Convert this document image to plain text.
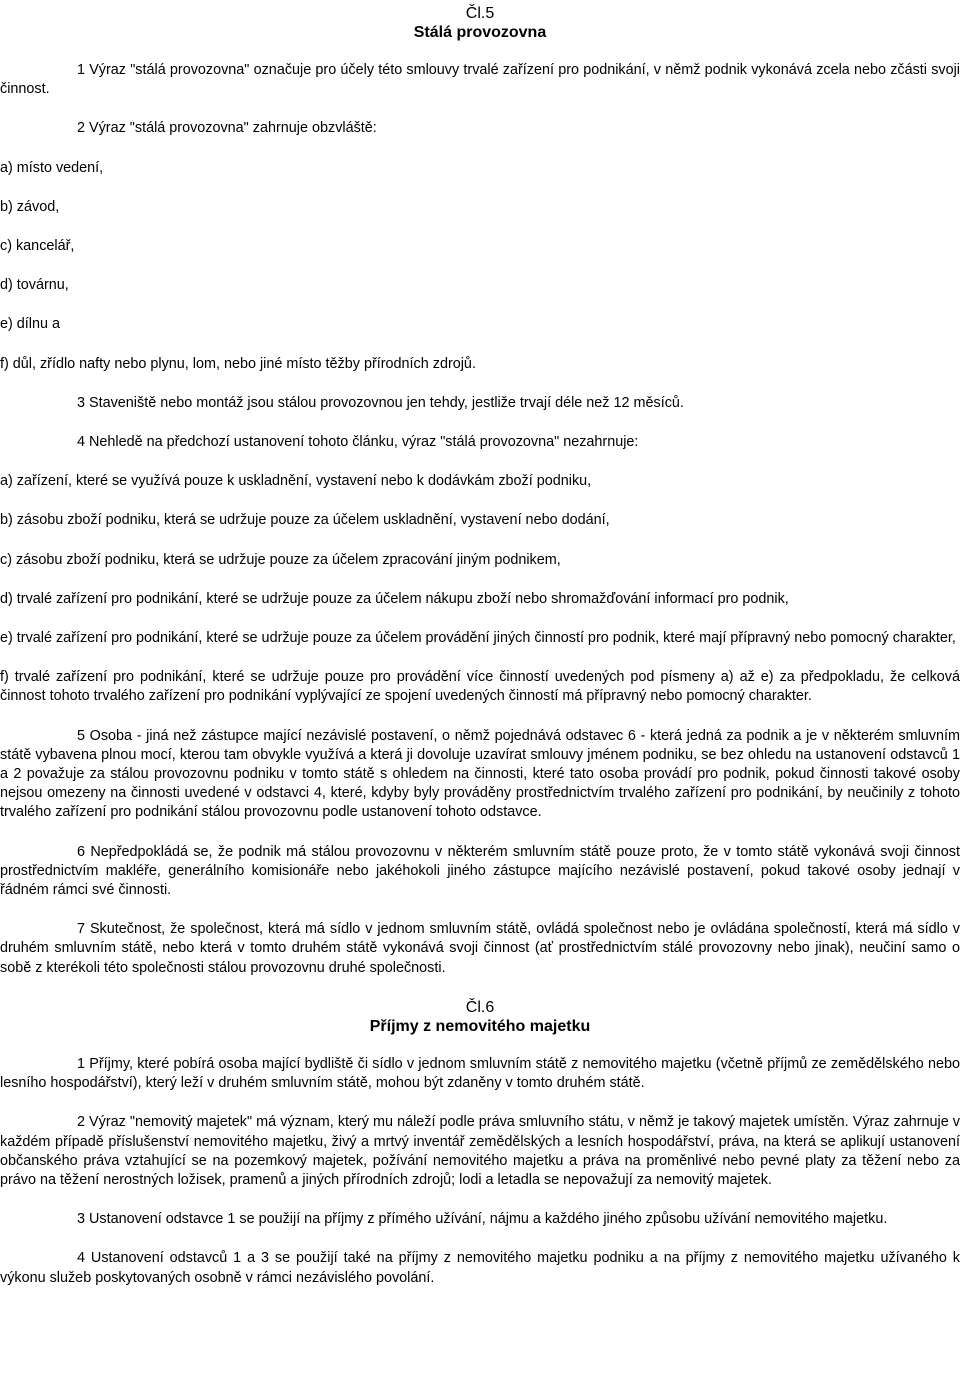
Čl.5
Stálá provozovna

1 Výraz "stálá provozovna" označuje pro účely této smlouvy trvalé zařízení pro podnikání, v němž podnik vykonává zcela nebo zčásti svoji činnost.

2 Výraz "stálá provozovna" zahrnuje obzvláště:

a) místo vedení,

b) závod,

c) kancelář,

d) továrnu,

e) dílnu a

f) důl, zřídlo nafty nebo plynu, lom, nebo jiné místo těžby přírodních zdrojů.

3 Staveniště nebo montáž jsou stálou provozovnou jen tehdy, jestliže trvají déle než 12 měsíců.

4 Nehledě na předchozí ustanovení tohoto článku, výraz "stálá provozovna" nezahrnuje:

a) zařízení, které se využívá pouze k uskladnění, vystavení nebo k dodávkám zboží podniku,

b) zásobu zboží podniku, která se udržuje pouze za účelem uskladnění, vystavení nebo dodání,

c) zásobu zboží podniku, která se udržuje pouze za účelem zpracování jiným podnikem,

d) trvalé zařízení pro podnikání, které se udržuje pouze za účelem nákupu zboží nebo shromažďování informací pro podnik,

e) trvalé zařízení pro podnikání, které se udržuje pouze za účelem provádění jiných činností pro podnik, které mají přípravný nebo pomocný charakter,

f) trvalé zařízení pro podnikání, které se udržuje pouze pro provádění více činností uvedených pod písmeny a) až e) za předpokladu, že celková činnost tohoto trvalého zařízení pro podnikání vyplývající ze spojení uvedených činností má přípravný nebo pomocný charakter.

5 Osoba - jiná než zástupce mající nezávislé postavení, o němž pojednává odstavec 6 - která jedná za podnik a je v některém smluvním státě vybavena plnou mocí, kterou tam obvykle využívá a která ji dovoluje uzavírat smlouvy jménem podniku, se bez ohledu na ustanovení odstavců 1 a 2 považuje za stálou provozovnu podniku v tomto státě s ohledem na činnosti, které tato osoba provádí pro podnik, pokud činnosti takové osoby nejsou omezeny na činnosti uvedené v odstavci 4, které, kdyby byly prováděny prostřednictvím trvalého zařízení pro podnikání, by neučinily z tohoto trvalého zařízení pro podnikání stálou provozovnu podle ustanovení tohoto odstavce.

6 Nepředpokládá se, že podnik má stálou provozovnu v některém smluvním státě pouze proto, že v tomto státě vykonává svoji činnost prostřednictvím makléře, generálního komisionáře nebo jakéhokoli jiného zástupce majícího nezávislé postavení, pokud takové osoby jednají v řádném rámci své činnosti.

7 Skutečnost, že společnost, která má sídlo v jednom smluvním státě, ovládá společnost nebo je ovládána společností, která má sídlo v druhém smluvním státě, nebo která v tomto druhém státě vykonává svoji činnost (ať prostřednictvím stálé provozovny nebo jinak), neučiní samo o sobě z kterékoli této společnosti stálou provozovnu druhé společnosti.

Čl.6
Příjmy z nemovitého majetku

1 Příjmy, které pobírá osoba mající bydliště či sídlo v jednom smluvním státě z nemovitého majetku (včetně příjmů ze zemědělského nebo lesního hospodářství), který leží v druhém smluvním státě, mohou být zdaněny v tomto druhém státě.

2 Výraz "nemovitý majetek" má význam, který mu náleží podle práva smluvního státu, v němž je takový majetek umístěn. Výraz zahrnuje v každém případě příslušenství nemovitého majetku, živý a mrtvý inventář zemědělských a lesních hospodářství, práva, na která se aplikují ustanovení občanského práva vztahující se na pozemkový majetek, požívání nemovitého majetku a práva na proměnlivé nebo pevné platy za těžení nebo za právo na těžení nerostných ložisek, pramenů a jiných přírodních zdrojů; lodi a letadla se nepovažují za nemovitý majetek.

3 Ustanovení odstavce 1 se použijí na příjmy z přímého užívání, nájmu a každého jiného způsobu užívání nemovitého majetku.

4 Ustanovení odstavců 1 a 3 se použijí také na příjmy z nemovitého majetku podniku a na příjmy z nemovitého majetku užívaného k výkonu služeb poskytovaných osobně v rámci nezávislého povolání.
